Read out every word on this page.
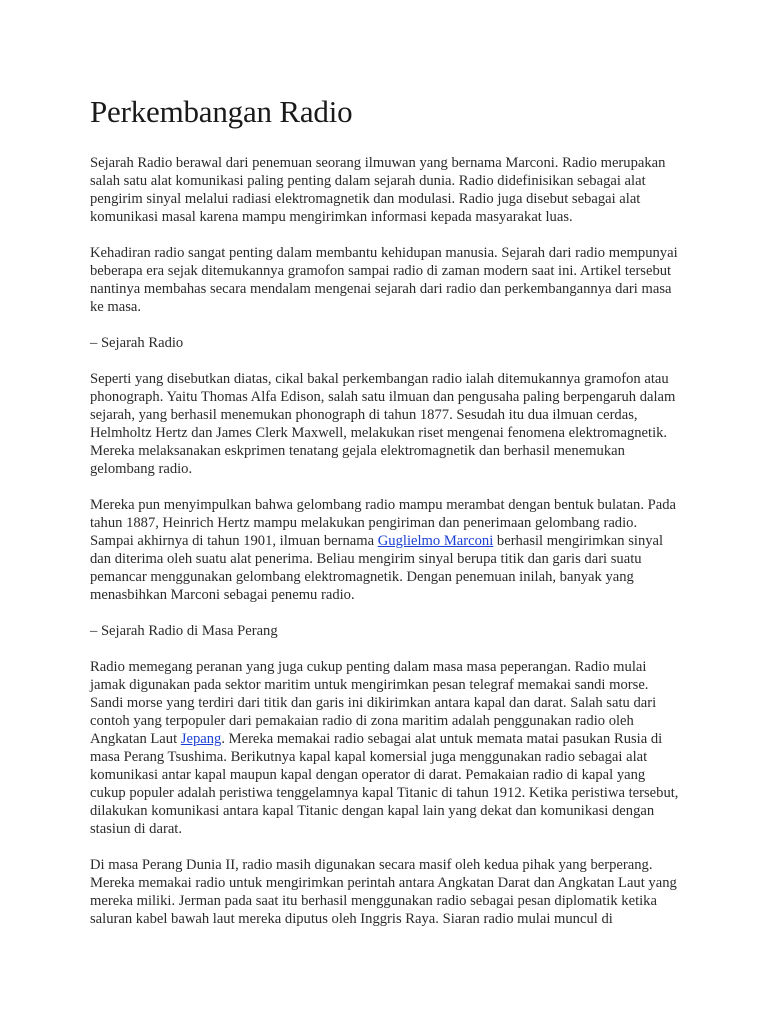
Perkembangan Radio

Sejarah Radio berawal dari penemuan seorang ilmuwan yang bernama Marconi. Radio merupakan salah satu alat komunikasi paling penting dalam sejarah dunia. Radio didefinisikan sebagai alat pengirim sinyal melalui radiasi elektromagnetik dan modulasi. Radio juga disebut sebagai alat komunikasi masal karena mampu mengirimkan informasi kepada masyarakat luas.

Kehadiran radio sangat penting dalam membantu kehidupan manusia. Sejarah dari radio mempunyai beberapa era sejak ditemukannya gramofon sampai radio di zaman modern saat ini. Artikel tersebut nantinya membahas secara mendalam mengenai sejarah dari radio dan perkembangannya dari masa ke masa.

– Sejarah Radio

Seperti yang disebutkan diatas, cikal bakal perkembangan radio ialah ditemukannya gramofon atau phonograph. Yaitu Thomas Alfa Edison, salah satu ilmuan dan pengusaha paling berpengaruh dalam sejarah, yang berhasil menemukan phonograph di tahun 1877. Sesudah itu dua ilmuan cerdas, Helmholtz Hertz dan James Clerk Maxwell, melakukan riset mengenai fenomena elektromagnetik. Mereka melaksanakan eskprimen tenatang gejala elektromagnetik dan berhasil menemukan gelombang radio.

Mereka pun menyimpulkan bahwa gelombang radio mampu merambat dengan bentuk bulatan. Pada tahun 1887, Heinrich Hertz mampu melakukan pengiriman dan penerimaan gelombang radio. Sampai akhirnya di tahun 1901, ilmuan bernama Guglielmo Marconi berhasil mengirimkan sinyal dan diterima oleh suatu alat penerima. Beliau mengirim sinyal berupa titik dan garis dari suatu pemancar menggunakan gelombang elektromagnetik. Dengan penemuan inilah, banyak yang menasbihkan Marconi sebagai penemu radio.

– Sejarah Radio di Masa Perang

Radio memegang peranan yang juga cukup penting dalam masa masa peperangan. Radio mulai jamak digunakan pada sektor maritim untuk mengirimkan pesan telegraf memakai sandi morse. Sandi morse yang terdiri dari titik dan garis ini dikirimkan antara kapal dan darat. Salah satu dari contoh yang terpopuler dari pemakaian radio di zona maritim adalah penggunakan radio oleh Angkatan Laut Jepang. Mereka memakai radio sebagai alat untuk memata matai pasukan Rusia di masa Perang Tsushima. Berikutnya kapal kapal komersial juga menggunakan radio sebagai alat komunikasi antar kapal maupun kapal dengan operator di darat. Pemakaian radio di kapal yang cukup populer adalah peristiwa tenggelamnya kapal Titanic di tahun 1912. Ketika peristiwa tersebut, dilakukan komunikasi antara kapal Titanic dengan kapal lain yang dekat dan komunikasi dengan stasiun di darat.

Di masa Perang Dunia II, radio masih digunakan secara masif oleh kedua pihak yang berperang. Mereka memakai radio untuk mengirimkan perintah antara Angkatan Darat dan Angkatan Laut yang mereka miliki. Jerman pada saat itu berhasil menggunakan radio sebagai pesan diplomatik ketika saluran kabel bawah laut mereka diputus oleh Inggris Raya. Siaran radio mulai muncul di
